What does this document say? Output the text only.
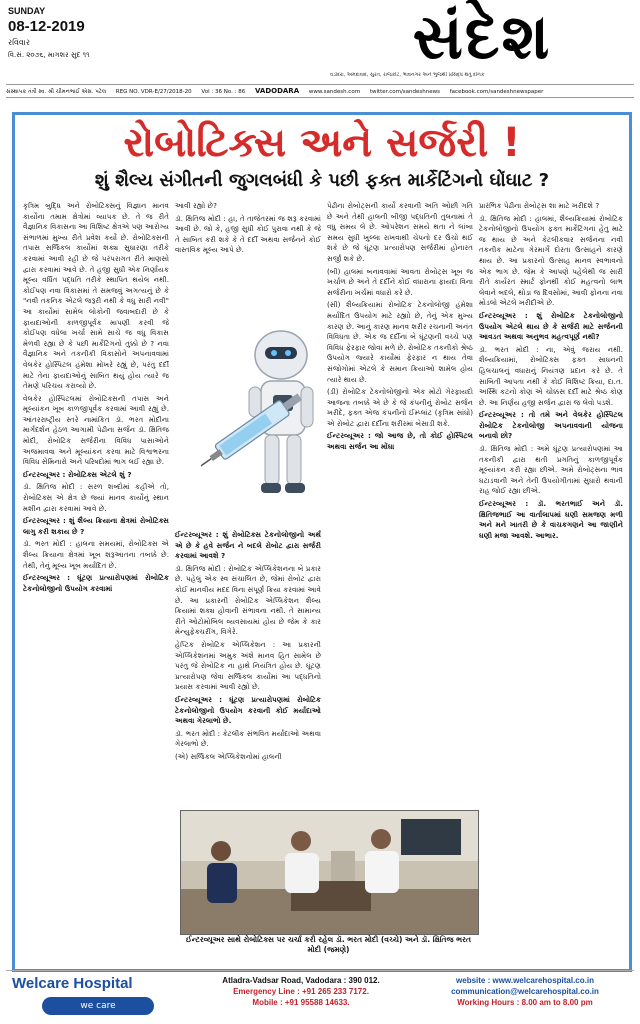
SUNDAY
08-12-2019
રવિવાર
વિ.સં. ૨૦૭૬, માગશર સુદ ૧૧	સંદેશ
વડોદરા, અમદાવાદ, સુરત, રાજકોટ, ભાવનગર અને ભુજથી પ્રસિદ્ધ થતું દૈનિક
સંસ્થાપક તંત્રી સ્વ. શ્રી ચીમનભાઈ એસ. પટેલ REG NO. VDR-E/27/2018-20 Vol : 36 No. : 86 VADODARA www.sandesh.com twitter.com/sandeshnews facebook.com/sandeshnewspaper
રોબોટિક્સ અને સર્જરી !
શું શૈલ્ય સંગીતની જુગલબંધી કે પછી ફક્ત માર્કેટિંગનો ઘોંઘાટ ?

કૃત્રિમ બુદ્ધિ અને રોબોટિક્સનું વિજ્ઞાન માનવ કાર્યોના તમામ ક્ષેત્રોમાં વ્યાપક છે. તે જ રીતે વૈજ્ઞાનિક વિકાસના આ વિશિષ્ટ ક્ષેત્રએ પણ આરોગ્ય સંભાળમાં મુખ્ય રીતે પ્રવેશ કર્યો છે. રોબોટિક્સની તપાસ સર્જિકલ કાર્યોમાં શક્ય સુધારણા તરીકે કરવામાં આવી રહી છે જે પરંપરાગત રીતે માણસો દ્વારા કરવામાં આવે છે. તે હજી સુધી એક નિર્ણાયક મૂલ્ય વર્ધિત પદ્ધતિ તરીકે સ્થાપિત થયેલ નથી. કોઈપણ નવા વિકાસમાં તે સમજવું અગત્યનું છે કે "નવી તકનિક એટલે જરૂરી નથી કે વધુ સારી નવી" આ કાર્યોમાં સામેલ લોકોની જવાબદારી છે કે ફાયદાઓની કાળજીપૂર્વક માપણી કરવી જે કોઈપણ વધેલા ખર્ચા સામે સાચે જ વધુ વિકાસ મેળવી રહ્યા છે કે પછી માર્કેટિંગનો તુક્કો છે ? નવા વૈજ્ઞાનિક અને તકનીકી વિકાસોને અપનાવવામાં વેલકેર હોસ્પિટલ હંમેશા મોખરે રહ્યું છે, પરંતુ દર્દી માટે તેના ફાયદાઓનું સાબિત થયું હોય ત્યારે જ તેમણે પરિચય કરાવ્યો છે.

વેલકેર હોસ્પિટલમાં રોબોટિક્સની તપાસ અને મૂલ્યાંકન ખૂબ કાળજીપૂર્વક કરવામાં આવી રહ્યું છે. આંતરરાષ્ટ્રીય સ્તરે નામાંકિત ડૉ. ભરત મોદીના માર્ગદર્શન હેઠળ આગામી પેઢીના સર્જન ડૉ. ક્ષિતિજ મોદી, રોબોટિક સર્જરીના વિવિધ પાસાઓને અજમાવવા અને મૂલ્યાંકન કરવા માટે વિશ્વભરના વિવિધ સેમિનારો અને પરિષદોમાં ભાગ લઈ રહ્યા છે.

ઈન્ટરવ્યૂઅર : રોબોટિક્સ એટલે શું ?

ડૉ. ક્ષિતિજ મોદી : સરળ શબ્દોમાં કહીએ તો, રોબોટિક્સ એ ક્ષેત્ર છે જ્યાં માનવ કાર્યોનું સ્થાન મશીન દ્વારા કરવામાં આવે છે.

ઈન્ટરવ્યૂઅર : શું શૈલ્ય ક્રિયાના ક્ષેત્રમાં રોબોટિક્સ લાગુ કરી શકાય છે ?

ડૉ. ભરત મોદી : હાલના સમયમાં, રોબોટિક્સ એ શૈલ્ય ક્રિયાના ક્ષેત્રમાં ખૂબ શરૂઆતના તબક્કે છે. તેથી, તેનું મૂલ્ય ખૂબ મર્યાદિત છે.

ઈન્ટરવ્યૂઅર : ઘૂંટણ પ્રત્યારોપણમાં રોબોટિક ટેકનોલોજીનો ઉપયોગ કરવામાં

આવી રહ્યો છે?

ડૉ. ક્ષિતિજ મોદી : હા, તે તાજેતરમાં જ શરૂ કરવામાં આવી છે. જો કે, હજી સુધી કોઈ પુરાવા નથી કે જે તે સાબિત કરી શકે કે તે દર્દી અથવા સર્જનને કોઈ વાસ્તવિક મૂલ્ય આપે છે.

ઈન્ટરવ્યૂઅર : શું રોબોટિક્સ ટેકનોલોજીનો અર્થ એ છે કે હવે સર્જન ને બદલે રોબોટ દ્વારા સર્જરી કરવામાં આવશે ?

ડૉ. ક્ષિતિજ મોદી : રોબોટિક એપ્લિકેશનના બે પ્રકાર છે. પહેલું એક સ્વ સંચાલિત છે, જેમાં રોબોટ દ્વારા કોઈ માનવીય મદદ વિના સંપૂર્ણ ક્રિયા કરવામાં આવે છે. આ પ્રકારની રોબોટિક એપ્લિકેશન શૈલ્ય ક્રિયામાં શક્ય હોવાની સંભાવના નથી. તે સામાન્ય રીતે ઓટોમોબિલ વ્યવસાયમાં હોય છે જેમ કે કાર મેન્યુફેક્ચરીંગ, વિગેરે.

હેપ્ટિક રોબોટિક એપ્લિકેશન : આ પ્રકારની એપ્લિકેશનમાં અમુક અંશે માનવ હિત સામેલ છે પરંતુ જે રોબોટિક ના હાથે નિયંત્રિત હોય છે. ઘૂંટણ પ્રત્યારોપણ જેવા સર્જિકલ કાર્યોમાં આ પદ્ધતિનો પ્રયાસ કરવામાં આવી રહ્યો છે.

ઈન્ટરવ્યૂઅર : ઘૂંટણ પ્રત્યારોપણમાં રોબોટિક ટેકનોલોજીનો ઉપયોગ કરવાની કોઈ મર્યાદાઓ અથવા ગેરલાભો છે.

ડૉ. ભરત મોદી : કેટલીક સંભવિત મર્યાદાઓ અથવા ગેરલાભો છે.

(એ) સર્જિકલ એપ્લિકેશનોમાં હાલની

પેઢીના રોબોટ્સની કાર્યો કરવાની અતિ ઓછી ગતિ છે અને તેથી હાલની બીજી પદ્ધતિની તુલનામાં તે વધુ સમય લે છે. ઓપરેશન સમયે થતા ને લાંબા સમય સુધી ખુલ્લા રાખવાથી ચેપનો દર ઉંચો થઈ શકે છે જે ઘૂંટણ પ્રત્યારોપણ સર્જરીમાં હોનારત સર્જી શકે છે.

(બી) હાલમાં બનાવવામાં આવતા રોબોટ્સ ખૂબ જ ખર્ચાળ છે અને તે દર્દીને કોઈ વધારાના ફાયદા વિના સર્જરીના ખર્ચમાં વધારો કરે છે.

(સી) શૈલ્યક્રિયામાં રોબોટિક ટેકનોલોજી હંમેશા મર્યાદિત ઉપયોગ માટે રહ્યાો છે, તેનું એક મુખ્ય કારણ છે. આનું કારણ માનવ શરીર રચનાની અનંત વિવિધતા છે. એક જ દર્દીના બે ઘૂંટણની વચ્ચે પણ વિવિધ ફેરફાર જોવા મળે છે. રોબોટિક તકનીકો શ્રેષ્ઠ ઉપયોગ જ્યારે કાર્યોમાં ફેરફાર ન થાય તેવા સંજોગોમાં એટલે કે સમાન ક્રિયાઓ શામેલ હોય ત્યારે થાય છે.

(ડી) રોબોટિક ટેકનોલોજીનો એક મોટો ગેરફાયદો આજના તબક્કે એ છે કે જે કંપનીનું રોબોટ સર્જન ખરીદે, ફક્ત એજ કંપનીનો ઈમ્પ્લાંટ (કૃત્રિમ સાંધો) એ રોબોટ દ્વારા દર્દીના શરીરમાં બેસાડી શકે.

ઈન્ટરવ્યૂઅર : જો આજ છે, તો કોઈ હોસ્પિટલ અથવા સર્જન આ મોંઘા

પ્રારંભિક પેઢીના રોબોટ્સ શા માટે ખરીદશે ?

ડૉ. ક્ષિતિજ મોદી : હાલમાં, શૈલ્યક્રિયામાં રોબોટિક ટેકનોલોજીનો ઉપયોગ ફક્ત માર્કેટિંગના હેતુ માટે જ થાય છે અને કેટલીકવાર સર્જનના નવી તકનીક માટેના ગેરમાર્ગે દોરતા ઉત્સાહને કારણે થાય છે. આ પ્રકારનો ઉત્સાહ માનવ સ્વભાવનો એક ભાગ છે. જેમ કે આપણે પહેલેથી જ સારી રીતે કાર્યરત સ્માર્ટ ફોનથી કોઈ મહત્વનો લાભ લેવાને બદલે, થોડા જ દિવસોમાં, આવી ફોનના નવા મોડલો એટલે ખરીદીએ છે.

ઈન્ટરવ્યૂઅર : શું રોબોટિક ટેકનોલોજીનો ઉપયોગ એટલે થાય છે કે સર્જરી માટે સર્જનની આવડત અથવા અનુભવ મહત્વપૂર્ણ નથી?

ડૉ. ભરત મોદી : ના, એવું જરાય નથી. શૈલ્યક્રિયામાં, રોબોટિક્સ ફક્ત સાધનની હિલચાલનું વધારાનું નિયંત્રણ પ્રદાન કરે છે. તે સાબિતી આપતા નથી કે કોઈ વિશિષ્ટ ક્રિયા, દા.ત. અસ્થિ કટનો કોણ એ ચોક્કસ દર્દી માટે શ્રેષ્ઠ કોણ છે. આ નિર્ણય હજી સર્જન દ્વારા જ લેવો પડશે.

ઈન્ટરવ્યૂઅર : તો તમે અને વેલકેર હોસ્પિટલ રોબોટિક ટેકનોલોજી અપનાવવાની યોજના બનાવો છો?

ડૉ. ક્ષિતિજ મોદી : અમે ઘૂંટણ પ્રત્યારોપણમાં આ તકનીકી દ્વારા થતી પ્રગતિનું કાળજીપૂર્વક મૂલ્યાંકન કરી રહ્યા છીએ. અમે રોબોટ્સના ભાવ ઘટાડવાની અને તેની ઉપયોગીતામાં સુધારો થવાની રાહ જોઈ રહ્યા છીએ.

ઈન્ટરવ્યૂઅર : ડૉ. ભરતભાઈ અને ડૉ. ક્ષિતિજભાઈ આ વાર્તાલાપમાં ઘણી સમજણ મળી અને મને ખાતરી છે કે વાચકગણને આ જાણીને ઘણી મજા આવશે. આભાર.

ઈન્ટરવ્યૂઅર સાથે રોબોટિક્સ પર ચર્ચા કરી રહેલ ડૉ. ભરત મોદી (વચ્ચે) અને ડૉ. ક્ષિતિજ ભરત મોદી (જમણે)
Welcare Hospital
we care
Atladra-Vadsar Road, Vadodara : 390 012.
Emergency Line : +91 265 233 7172.
Mobile : +91 95588 14633.
website : www.welcarehospital.co.in
communication@welcarehospital.co.in
Working Hours : 8.00 am to 8.00 pm
